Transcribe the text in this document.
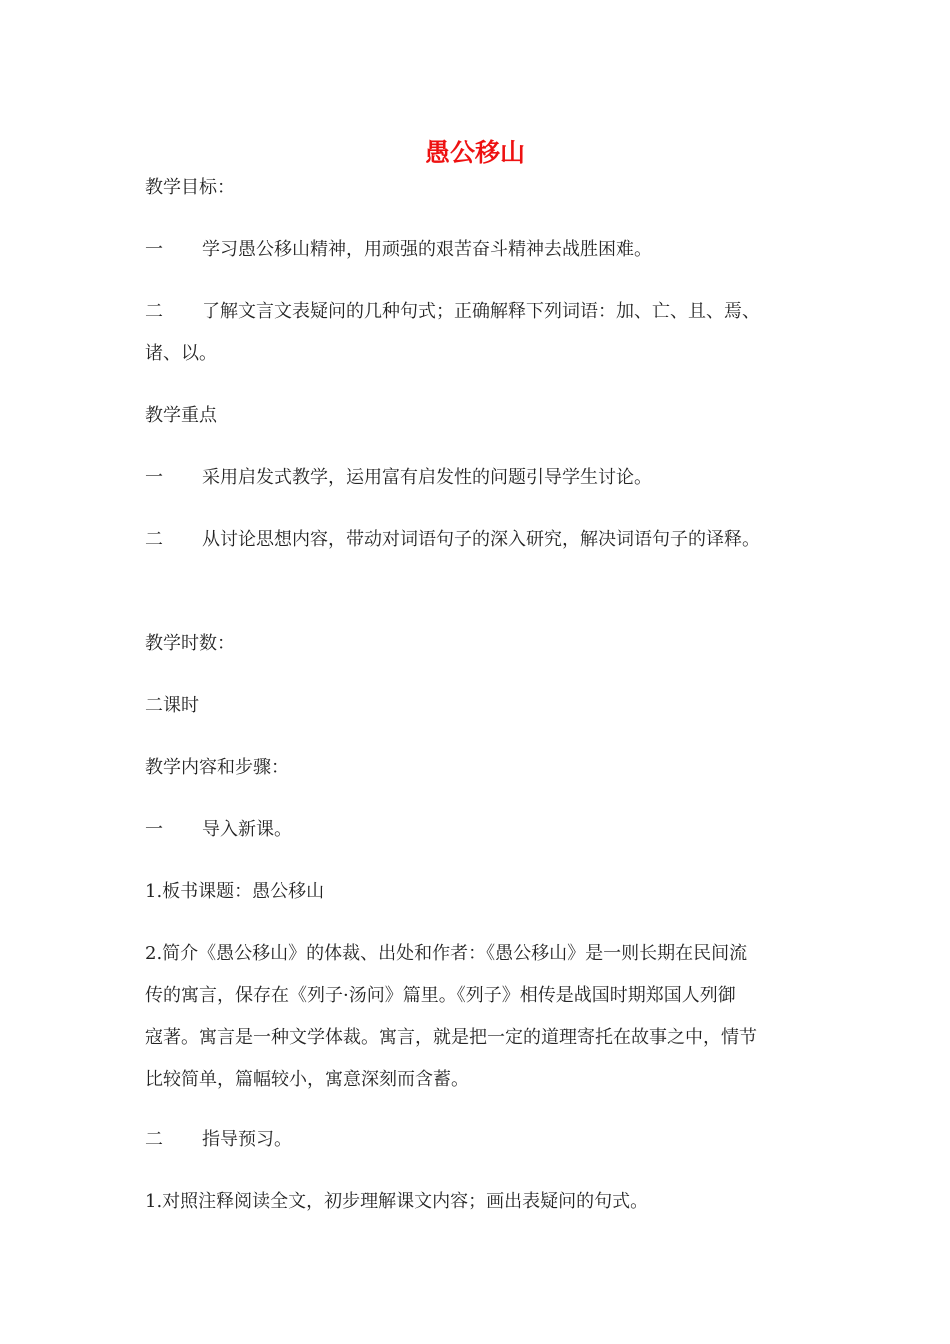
愚公移山
教学目标：
一 学习愚公移山精神，用顽强的艰苦奋斗精神去战胜困难。
二 了解文言文表疑问的几种句式；正确解释下列词语：加、亡、且、焉、
诸、以。
教学重点
一 采用启发式教学，运用富有启发性的问题引导学生讨论。
二 从讨论思想内容，带动对词语句子的深入研究，解决词语句子的译释。
教学时数：
二课时
教学内容和步骤：
一 导入新课。
1.板书课题：愚公移山
2.简介《愚公移山》的体裁、出处和作者：《愚公移山》是一则长期在民间流
传的寓言，保存在《列子·汤问》篇里。《列子》相传是战国时期郑国人列御
寇著。寓言是一种文学体裁。寓言，就是把一定的道理寄托在故事之中，情节
比较简单，篇幅较小，寓意深刻而含蓄。
二 指导预习。
1.对照注释阅读全文，初步理解课文内容；画出表疑问的句式。
